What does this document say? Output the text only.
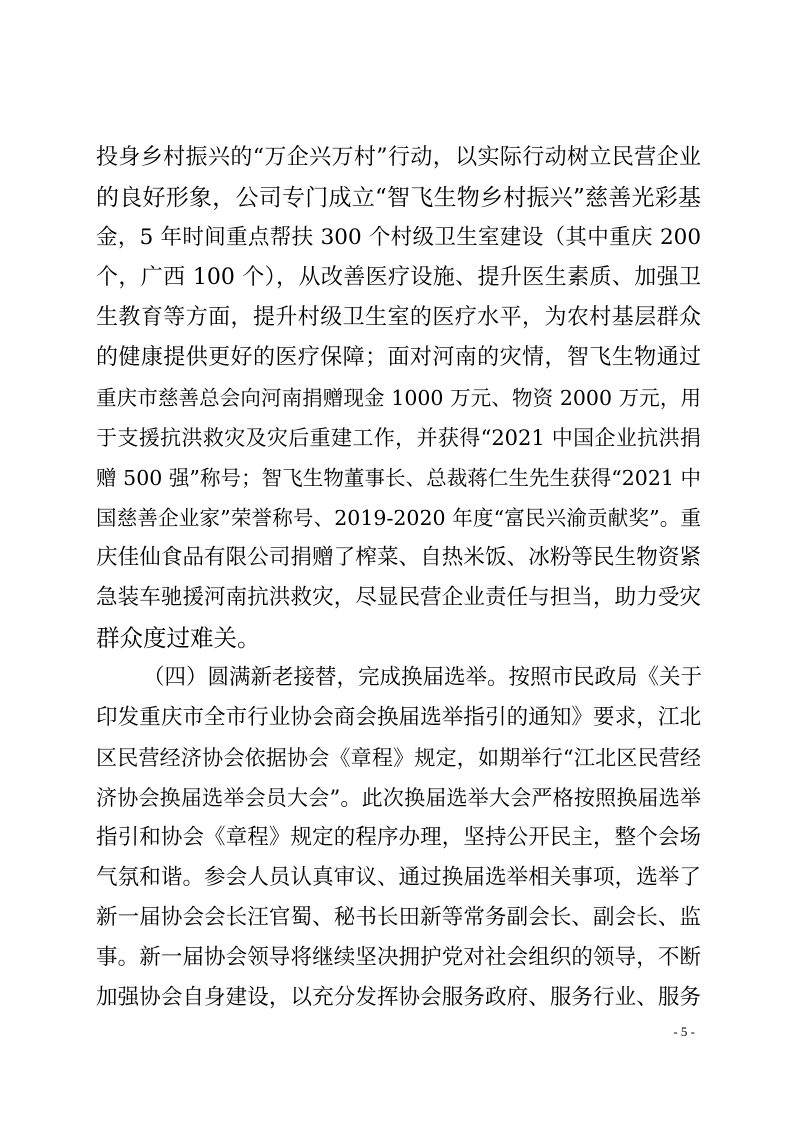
投身乡村振兴的“万企兴万村”行动，以实际行动树立民营企业
的良好形象，公司专门成立“智飞生物乡村振兴”慈善光彩基
金，5 年时间重点帮扶 300 个村级卫生室建设（其中重庆 200
个，广西 100 个），从改善医疗设施、提升医生素质、加强卫
生教育等方面，提升村级卫生室的医疗水平，为农村基层群众
的健康提供更好的医疗保障；面对河南的灾情，智飞生物通过
重庆市慈善总会向河南捐赠现金 1000 万元、物资 2000 万元，用
于支援抗洪救灾及灾后重建工作，并获得“2021 中国企业抗洪捐
赠 500 强”称号；智飞生物董事长、总裁蒋仁生先生获得“2021 中
国慈善企业家”荣誉称号、2019-2020 年度“富民兴渝贡献奖”。重
庆佳仙食品有限公司捐赠了榨菜、自热米饭、冰粉等民生物资紧
急装车驰援河南抗洪救灾，尽显民营企业责任与担当，助力受灾
群众度过难关。
（四）圆满新老接替，完成换届选举。按照市民政局《关于
印发重庆市全市行业协会商会换届选举指引的通知》要求，江北
区民营经济协会依据协会《章程》规定，如期举行“江北区民营经
济协会换届选举会员大会”。此次换届选举大会严格按照换届选举
指引和协会《章程》规定的程序办理，坚持公开民主，整个会场
气氛和谐。参会人员认真审议、通过换届选举相关事项，选举了
新一届协会会长汪官蜀、秘书长田新等常务副会长、副会长、监
事。新一届协会领导将继续坚决拥护党对社会组织的领导，不断
加强协会自身建设，以充分发挥协会服务政府、服务行业、服务
- 5 -
